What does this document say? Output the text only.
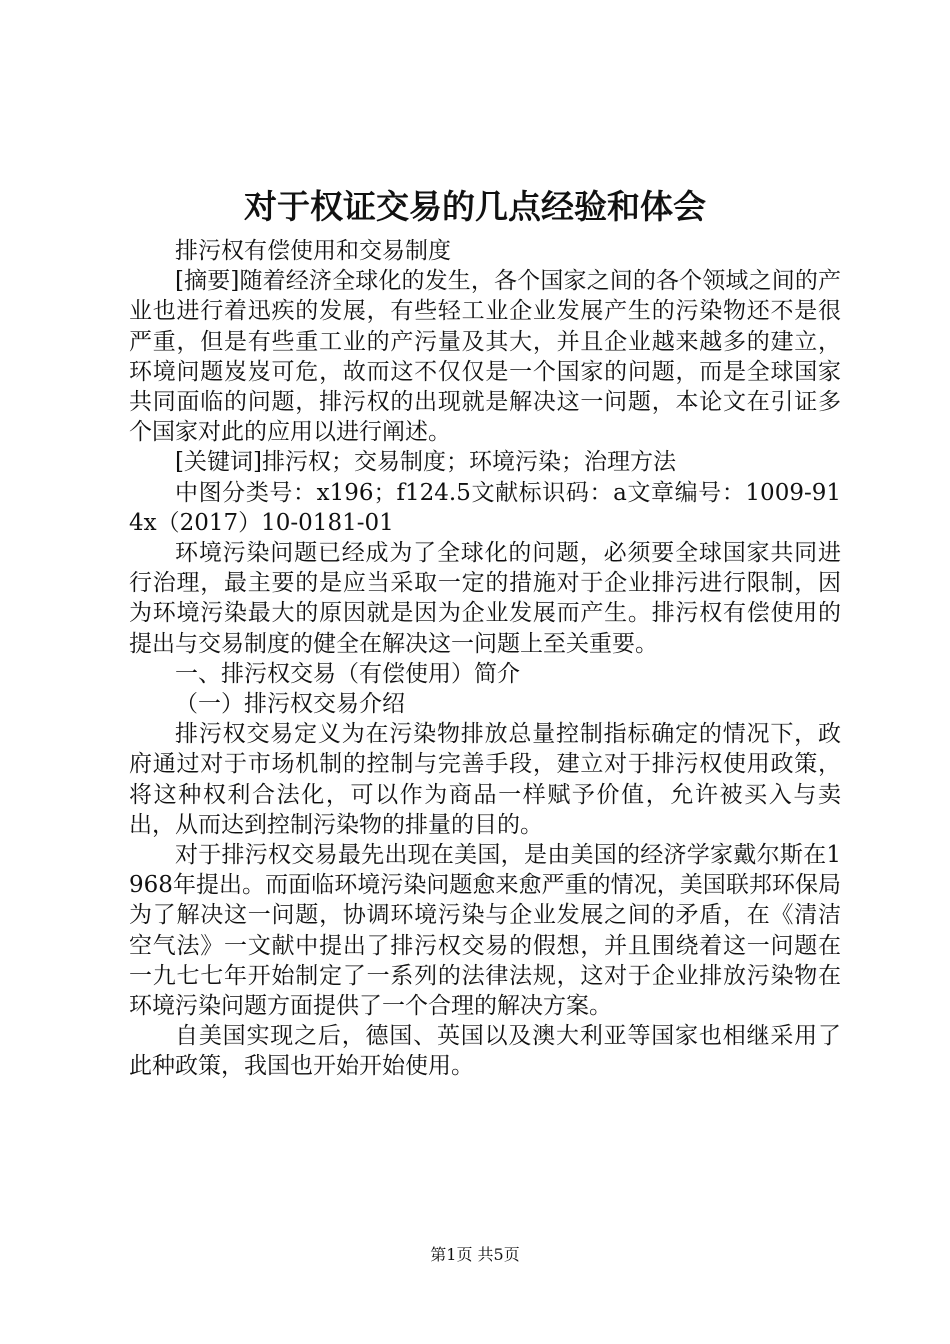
对于权证交易的几点经验和体会

排污权有偿使用和交易制度

[摘要]随着经济全球化的发生，各个国家之间的各个领域之间的产业也进行着迅疾的发展，有些轻工业企业发展产生的污染物还不是很严重，但是有些重工业的产污量及其大，并且企业越来越多的建立，环境问题岌岌可危，故而这不仅仅是一个国家的问题，而是全球国家共同面临的问题，排污权的出现就是解决这一问题，本论文在引证多个国家对此的应用以进行阐述。

[关键词]排污权；交易制度；环境污染；治理方法

中图分类号：x196；f124.5文献标识码：a文章编号：1009-914x（2017）10-0181-01

环境污染问题已经成为了全球化的问题，必须要全球国家共同进行治理，最主要的是应当采取一定的措施对于企业排污进行限制，因为环境污染最大的原因就是因为企业发展而产生。排污权有偿使用的提出与交易制度的健全在解决这一问题上至关重要。

一、排污权交易（有偿使用）简介

（一）排污权交易介绍

排污权交易定义为在污染物排放总量控制指标确定的情况下，政府通过对于市场机制的控制与完善手段，建立对于排污权使用政策，将这种权利合法化，可以作为商品一样赋予价值，允许被买入与卖出，从而达到控制污染物的排量的目的。

对于排污权交易最先出现在美国，是由美国的经济学家戴尔斯在1968年提出。而面临环境污染问题愈来愈严重的情况，美国联邦环保局为了解决这一问题，协调环境污染与企业发展之间的矛盾，在《清洁空气法》一文献中提出了排污权交易的假想，并且围绕着这一问题在一九七七年开始制定了一系列的法律法规，这对于企业排放污染物在环境污染问题方面提供了一个合理的解决方案。

自美国实现之后，德国、英国以及澳大利亚等国家也相继采用了此种政策，我国也开始开始使用。

第1页 共5页
